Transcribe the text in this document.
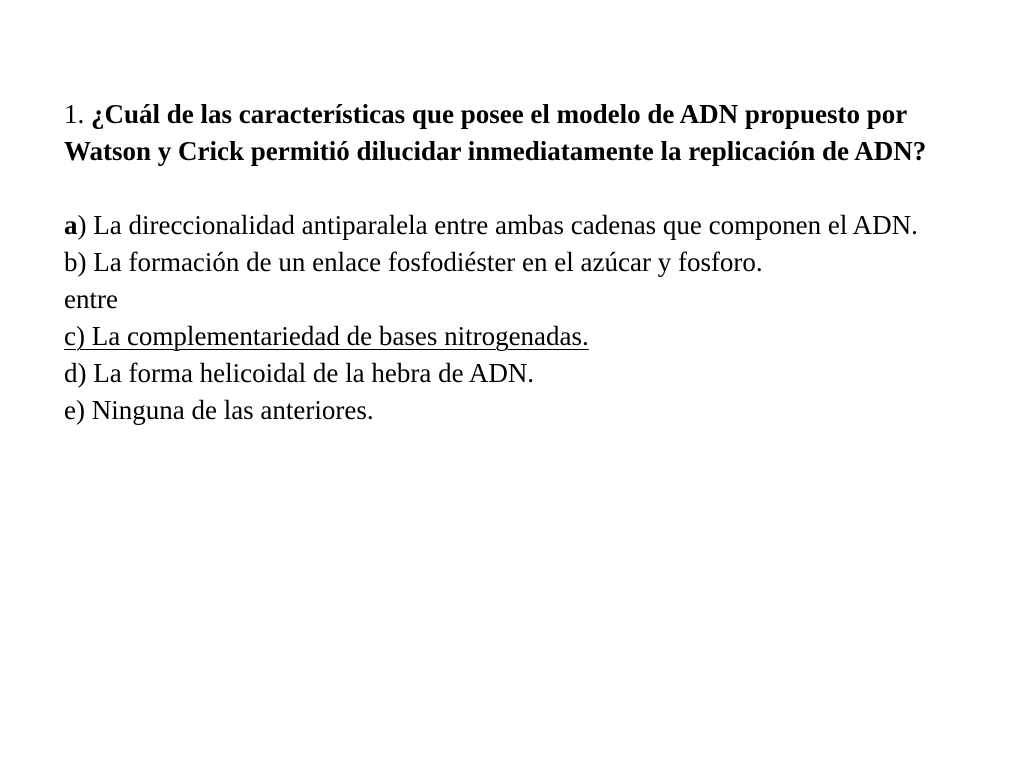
1. ¿Cuál de las características que posee el modelo de ADN propuesto por Watson y Crick permitió dilucidar inmediatamente la replicación de ADN?

a) La direccionalidad antiparalela entre ambas cadenas que componen el ADN.

b) La formación de un enlace fosfodiéster en el azúcar y fosforo.

entre

c) La complementariedad de bases nitrogenadas.

d) La forma helicoidal de la hebra de ADN.

e) Ninguna de las anteriores.
